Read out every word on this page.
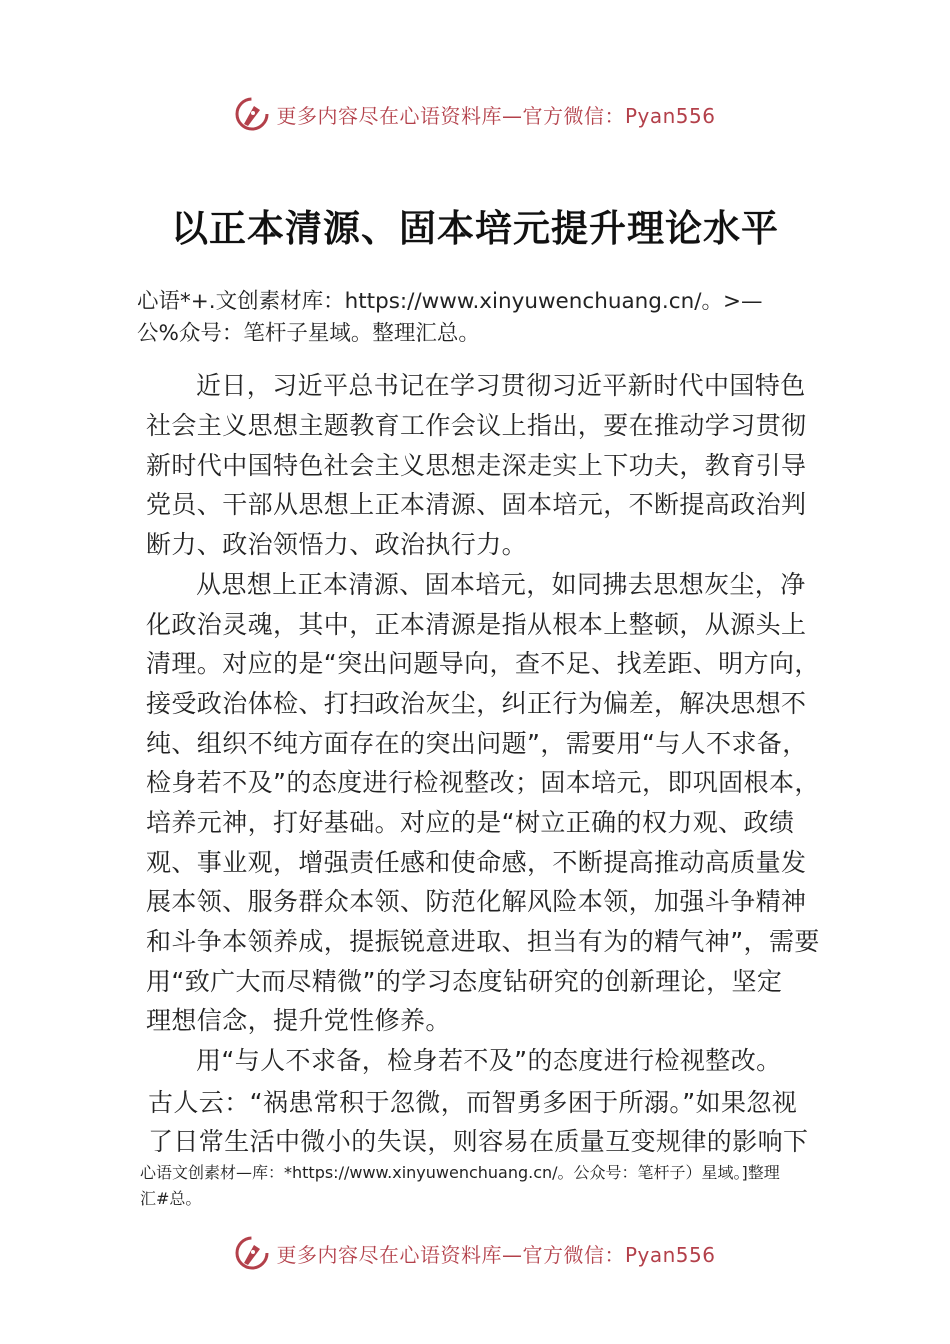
更多内容尽在心语资料库—官方微信：Pyan556
以正本清源、固本培元提升理论水平
心语*+.文创素材库：https://www.xinyuwenchuang.cn/。>—
公%众号：笔杆子星域。整理汇总。
近日，习近平总书记在学习贯彻习近平新时代中国特色
社会主义思想主题教育工作会议上指出，要在推动学习贯彻
新时代中国特色社会主义思想走深走实上下功夫，教育引导
党员、干部从思想上正本清源、固本培元，不断提高政治判
断力、政治领悟力、政治执行力。
从思想上正本清源、固本培元，如同拂去思想灰尘，净
化政治灵魂，其中，正本清源是指从根本上整顿，从源头上
清理。对应的是“突出问题导向，查不足、找差距、明方向，
接受政治体检、打扫政治灰尘，纠正行为偏差，解决思想不
纯、组织不纯方面存在的突出问题”，需要用“与人不求备，
检身若不及”的态度进行检视整改；固本培元，即巩固根本，
培养元神，打好基础。对应的是“树立正确的权力观、政绩
观、事业观，增强责任感和使命感，不断提高推动高质量发
展本领、服务群众本领、防范化解风险本领，加强斗争精神
和斗争本领养成，提振锐意进取、担当有为的精气神”，需要
用“致广大而尽精微”的学习态度钻研究的创新理论，坚定
理想信念，提升党性修养。
用“与人不求备，检身若不及”的态度进行检视整改。
古人云：“祸患常积于忽微，而智勇多困于所溺。”如果忽视
了日常生活中微小的失误，则容易在质量互变规律的影响下
心语文创素材—库：*https://www.xinyuwenchuang.cn/。公众号：笔杆子）星域。]整理
汇#总。
更多内容尽在心语资料库—官方微信：Pyan556
